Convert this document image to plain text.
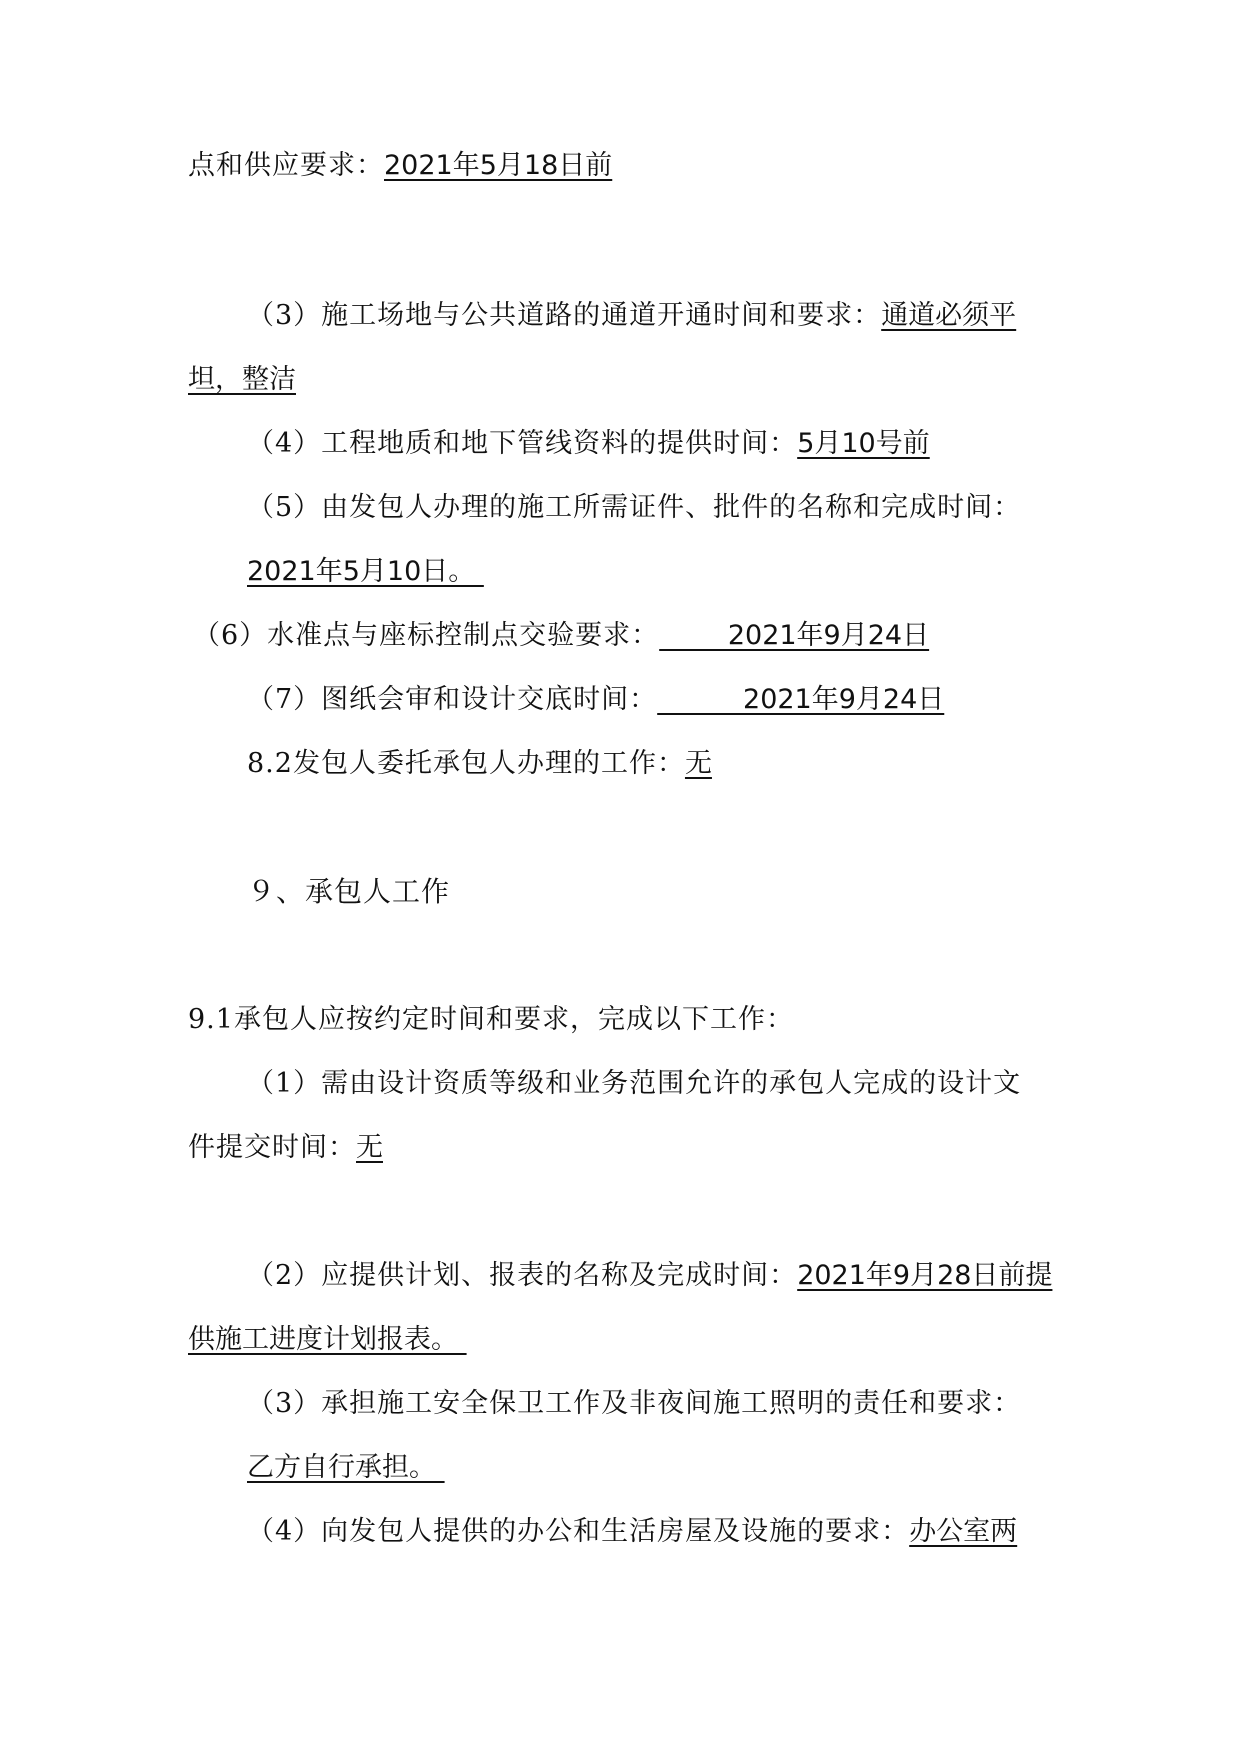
点和供应要求：2021年5月18日前
（3）施工场地与公共道路的通道开通时间和要求：通道必须平
坦，整洁
（4）工程地质和地下管线资料的提供时间：5月10号前
（5）由发包人办理的施工所需证件、批件的名称和完成时间：
2021年5月10日。
（6）水准点与座标控制点交验要求：        2021年9月24日
（7）图纸会审和设计交底时间：          2021年9月24日
8.2发包人委托承包人办理的工作：无
９、承包人工作
9.1承包人应按约定时间和要求，完成以下工作：
（1）需由设计资质等级和业务范围允许的承包人完成的设计文
件提交时间：无
（2）应提供计划、报表的名称及完成时间：2021年9月28日前提
供施工进度计划报表。
（3）承担施工安全保卫工作及非夜间施工照明的责任和要求：
乙方自行承担。
（4）向发包人提供的办公和生活房屋及设施的要求：办公室两
